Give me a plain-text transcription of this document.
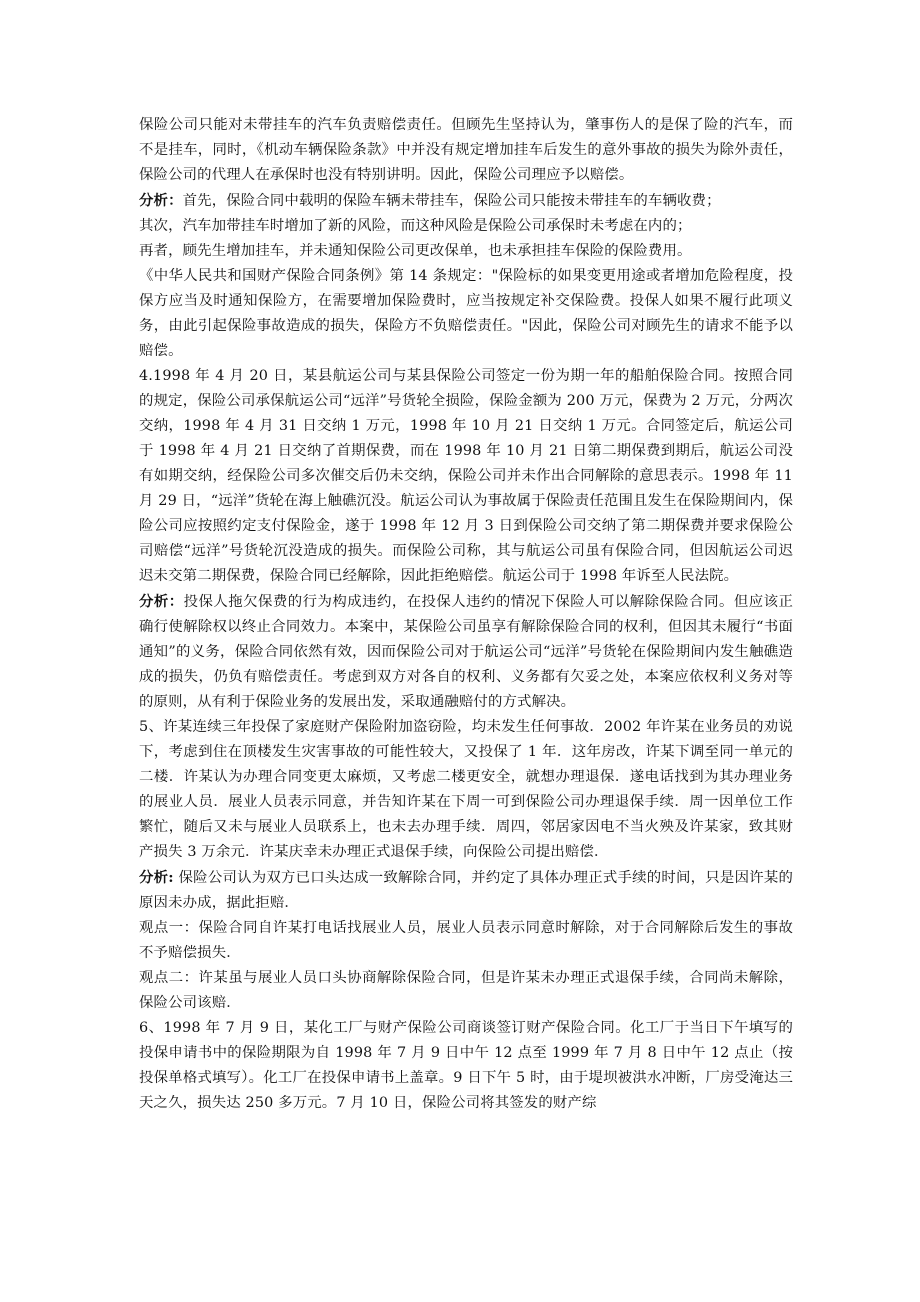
保险公司只能对未带挂车的汽车负责赔偿责任。但顾先生坚持认为，肇事伤人的是保了险的汽车，而不是挂车，同时，《机动车辆保险条款》中并没有规定增加挂车后发生的意外事故的损失为除外责任，保险公司的代理人在承保时也没有特别讲明。因此，保险公司理应予以赔偿。

分析：首先，保险合同中载明的保险车辆未带挂车，保险公司只能按未带挂车的车辆收费；

其次，汽车加带挂车时增加了新的风险，而这种风险是保险公司承保时未考虑在内的；

再者，顾先生增加挂车，并未通知保险公司更改保单，也未承担挂车保险的保险费用。

《中华人民共和国财产保险合同条例》第 14 条规定："保险标的如果变更用途或者增加危险程度，投保方应当及时通知保险方，在需要增加保险费时，应当按规定补交保险费。投保人如果不履行此项义务，由此引起保险事故造成的损失，保险方不负赔偿责任。"因此，保险公司对顾先生的请求不能予以赔偿。

4.1998 年 4 月 20 日，某县航运公司与某县保险公司签定一份为期一年的船舶保险合同。按照合同的规定，保险公司承保航运公司“远洋”号货轮全损险，保险金额为 200 万元，保费为 2 万元，分两次交纳，1998 年 4 月 31 日交纳 1 万元，1998 年 10 月 21 日交纳 1 万元。合同签定后，航运公司于 1998 年 4 月 21 日交纳了首期保费，而在 1998 年 10 月 21 日第二期保费到期后，航运公司没有如期交纳，经保险公司多次催交后仍未交纳，保险公司并未作出合同解除的意思表示。1998 年 11 月 29 日，“远洋”货轮在海上触礁沉没。航运公司认为事故属于保险责任范围且发生在保险期间内，保险公司应按照约定支付保险金，遂于 1998 年 12 月 3 日到保险公司交纳了第二期保费并要求保险公司赔偿“远洋”号货轮沉没造成的损失。而保险公司称，其与航运公司虽有保险合同，但因航运公司迟迟未交第二期保费，保险合同已经解除，因此拒绝赔偿。航运公司于 1998 年诉至人民法院。

分析：投保人拖欠保费的行为构成违约，在投保人违约的情况下保险人可以解除保险合同。但应该正确行使解除权以终止合同效力。本案中，某保险公司虽享有解除保险合同的权利，但因其未履行“书面通知”的义务，保险合同依然有效，因而保险公司对于航运公司“远洋”号货轮在保险期间内发生触礁造成的损失，仍负有赔偿责任。考虑到双方对各自的权利、义务都有欠妥之处，本案应依权利义务对等的原则，从有利于保险业务的发展出发，采取通融赔付的方式解决。

5、许某连续三年投保了家庭财产保险附加盗窃险，均未发生任何事故．2002 年许某在业务员的劝说下，考虑到住在顶楼发生灾害事故的可能性较大，又投保了 1 年．这年房改，许某下调至同一单元的二楼．许某认为办理合同变更太麻烦，又考虑二楼更安全，就想办理退保．遂电话找到为其办理业务的展业人员．展业人员表示同意，并告知许某在下周一可到保险公司办理退保手续．周一因单位工作繁忙，随后又未与展业人员联系上，也未去办理手续．周四，邻居家因电不当火殃及许某家，致其财产损失 3 万余元．许某庆幸未办理正式退保手续，向保险公司提出赔偿．

分析: 保险公司认为双方已口头达成一致解除合同，并约定了具体办理正式手续的时间，只是因许某的原因未办成，据此拒赔．

观点一：保险合同自许某打电话找展业人员，展业人员表示同意时解除，对于合同解除后发生的事故不予赔偿损失．

观点二：许某虽与展业人员口头协商解除保险合同，但是许某未办理正式退保手续，合同尚未解除，保险公司该赔．

6、1998 年 7 月 9 日，某化工厂与财产保险公司商谈签订财产保险合同。化工厂于当日下午填写的投保申请书中的保险期限为自 1998 年 7 月 9 日中午 12 点至 1999 年 7 月 8 日中午 12 点止（按投保单格式填写）。化工厂在投保申请书上盖章。9 日下午 5 时，由于堤坝被洪水冲断，厂房受淹达三天之久，损失达 250 多万元。7 月 10 日，保险公司将其签发的财产综
